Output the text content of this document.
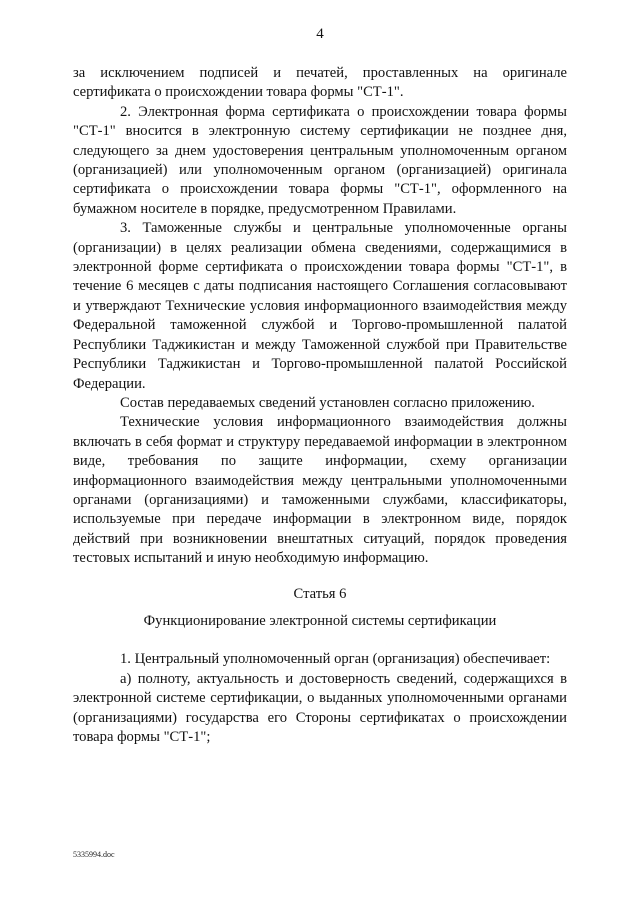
4

за исключением подписей и печатей, проставленных на оригинале сертификата о происхождении товара формы "СТ-1".

2. Электронная форма сертификата о происхождении товара формы "СТ-1" вносится в электронную систему сертификации не позднее дня, следующего за днем удостоверения центральным уполномоченным органом (организацией) или уполномоченным органом (организацией) оригинала сертификата о происхождении товара формы "СТ-1", оформленного на бумажном носителе в порядке, предусмотренном Правилами.

3. Таможенные службы и центральные уполномоченные органы (организации) в целях реализации обмена сведениями, содержащимися в электронной форме сертификата о происхождении товара формы "СТ-1", в течение 6 месяцев с даты подписания настоящего Соглашения согласовывают и утверждают Технические условия информационного взаимодействия между Федеральной таможенной службой и Торгово-промышленной палатой Республики Таджикистан и между Таможенной службой при Правительстве Республики Таджикистан и Торгово-промышленной палатой Российской Федерации.

Состав передаваемых сведений установлен согласно приложению.

Технические условия информационного взаимодействия должны включать в себя формат и структуру передаваемой информации в электронном виде, требования по защите информации, схему организации информационного взаимодействия между центральными уполномоченными органами (организациями) и таможенными службами, классификаторы, используемые при передаче информации в электронном виде, порядок действий при возникновении внештатных ситуаций, порядок проведения тестовых испытаний и иную необходимую информацию.

Статья 6

Функционирование электронной системы сертификации

1. Центральный уполномоченный орган (организация) обеспечивает:

а) полноту, актуальность и достоверность сведений, содержащихся в электронной системе сертификации, о выданных уполномоченными органами (организациями) государства его Стороны сертификатах о происхождении товара формы "СТ-1";

5335994.doc
